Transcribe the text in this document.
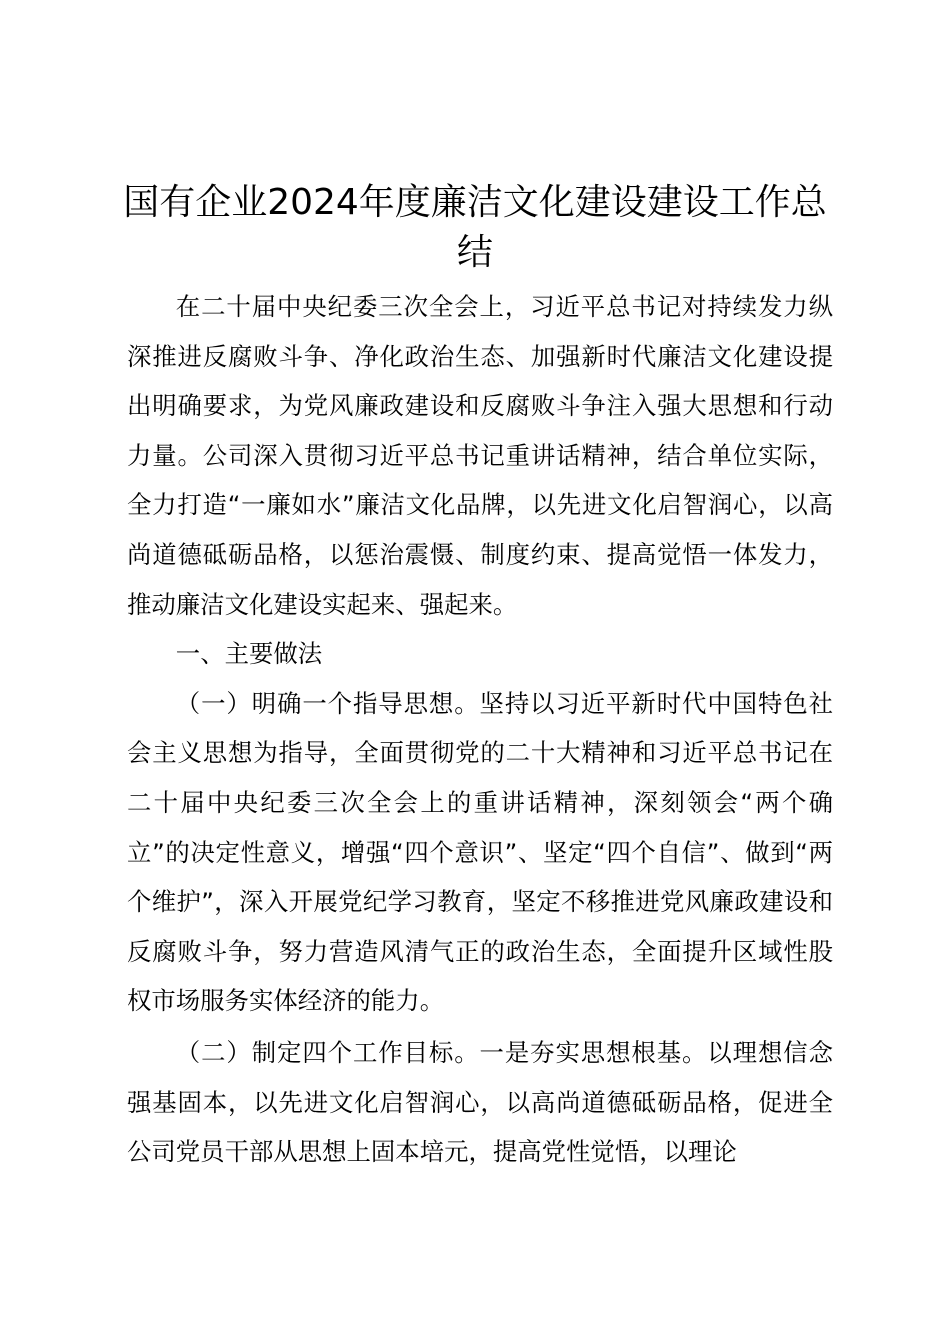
国有企业2024年度廉洁文化建设建设工作总结

在二十届中央纪委三次全会上，习近平总书记对持续发力纵深推进反腐败斗争、净化政治生态、加强新时代廉洁文化建设提出明确要求，为党风廉政建设和反腐败斗争注入强大思想和行动力量。公司深入贯彻习近平总书记重讲话精神，结合单位实际，全力打造“一廉如水”廉洁文化品牌，以先进文化启智润心，以高尚道德砥砺品格，以惩治震慑、制度约束、提高觉悟一体发力，推动廉洁文化建设实起来、强起来。

一、主要做法

（一）明确一个指导思想。坚持以习近平新时代中国特色社会主义思想为指导，全面贯彻党的二十大精神和习近平总书记在二十届中央纪委三次全会上的重讲话精神，深刻领会“两个确立”的决定性意义，增强“四个意识”、坚定“四个自信”、做到“两个维护”，深入开展党纪学习教育，坚定不移推进党风廉政建设和反腐败斗争，努力营造风清气正的政治生态，全面提升区域性股权市场服务实体经济的能力。

（二）制定四个工作目标。一是夯实思想根基。以理想信念强基固本，以先进文化启智润心，以高尚道德砥砺品格，促进全公司党员干部从思想上固本培元，提高党性觉悟，以理论
